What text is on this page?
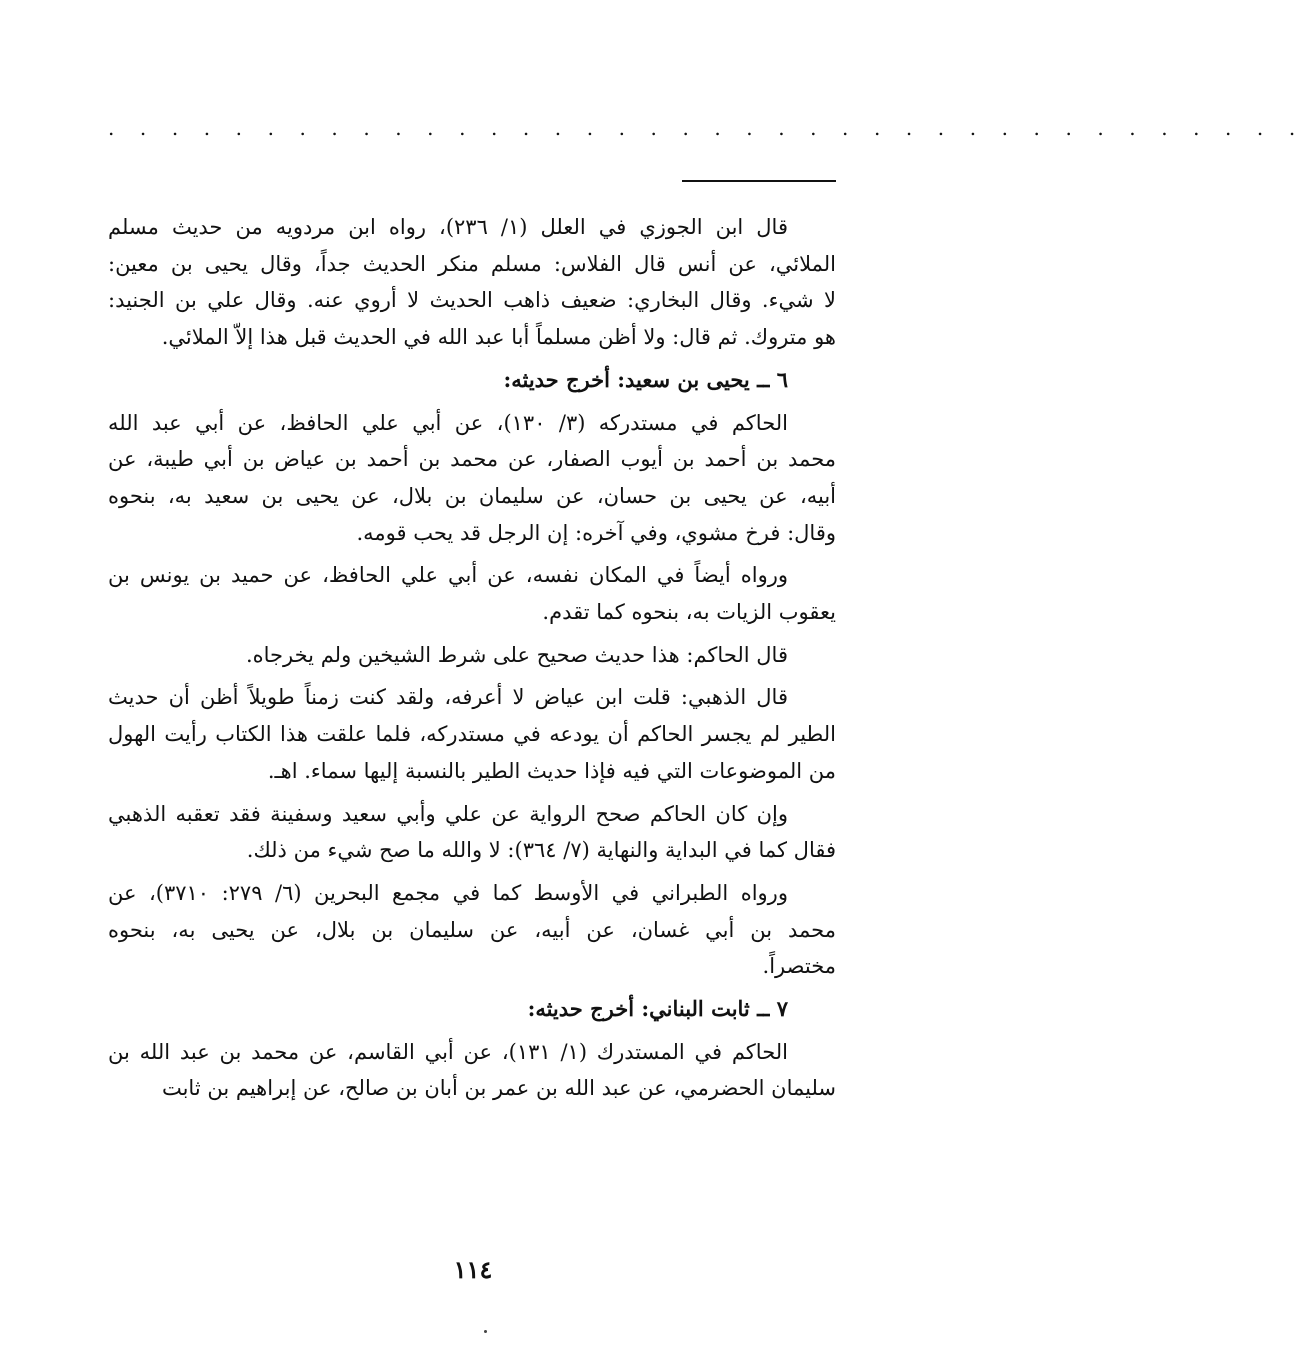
. . . . . . . . . . . . . . . . . . . . . . . . . . . . . . . . . . . . . .
قال ابن الجوزي في العلل (١/ ٢٣٦)، رواه ابن مردويه من حديث مسلم
الملائي، عن أنس قال الفلاس: مسلم منكر الحديث جداً، وقال يحيى بن معين:
لا شيء. وقال البخاري: ضعيف ذاهب الحديث لا أروي عنه. وقال علي بن الجنيد:
هو متروك. ثم قال: ولا أظن مسلماً أبا عبد الله في الحديث قبل هذا إلاّ الملائي.
٦ ــ يحيى بن سعيد: أخرج حديثه:
الحاكم في مستدركه (٣/ ١٣٠)، عن أبي علي الحافظ، عن أبي عبد الله
محمد بن أحمد بن أيوب الصفار، عن محمد بن أحمد بن عياض بن أبي طيبة، عن
أبيه، عن يحيى بن حسان، عن سليمان بن بلال، عن يحيى بن سعيد به، بنحوه
وقال: فرخ مشوي، وفي آخره: إن الرجل قد يحب قومه.
ورواه أيضاً في المكان نفسه، عن أبي علي الحافظ، عن حميد بن يونس بن
يعقوب الزيات به، بنحوه كما تقدم.
قال الحاكم: هذا حديث صحيح على شرط الشيخين ولم يخرجاه.
قال الذهبي: قلت ابن عياض لا أعرفه، ولقد كنت زمناً طويلاً أظن أن حديث
الطير لم يجسر الحاكم أن يودعه في مستدركه، فلما علقت هذا الكتاب رأيت الهول
من الموضوعات التي فيه فإذا حديث الطير بالنسبة إليها سماء. اهـ.
وإن كان الحاكم صحح الرواية عن علي وأبي سعيد وسفينة فقد تعقبه الذهبي
فقال كما في البداية والنهاية (٧/ ٣٦٤): لا والله ما صح شيء من ذلك.
ورواه الطبراني في الأوسط كما في مجمع البحرين (٦/ ٢٧٩: ٣٧١٠)، عن
محمد بن أبي غسان، عن أبيه، عن سليمان بن بلال، عن يحيى به، بنحوه
مختصراً.
٧ ــ ثابت البناني: أخرج حديثه:
الحاكم في المستدرك (١/ ١٣١)، عن أبي القاسم، عن محمد بن عبد الله بن
سليمان الحضرمي، عن عبد الله بن عمر بن أبان بن صالح، عن إبراهيم بن ثابت
١١٤
